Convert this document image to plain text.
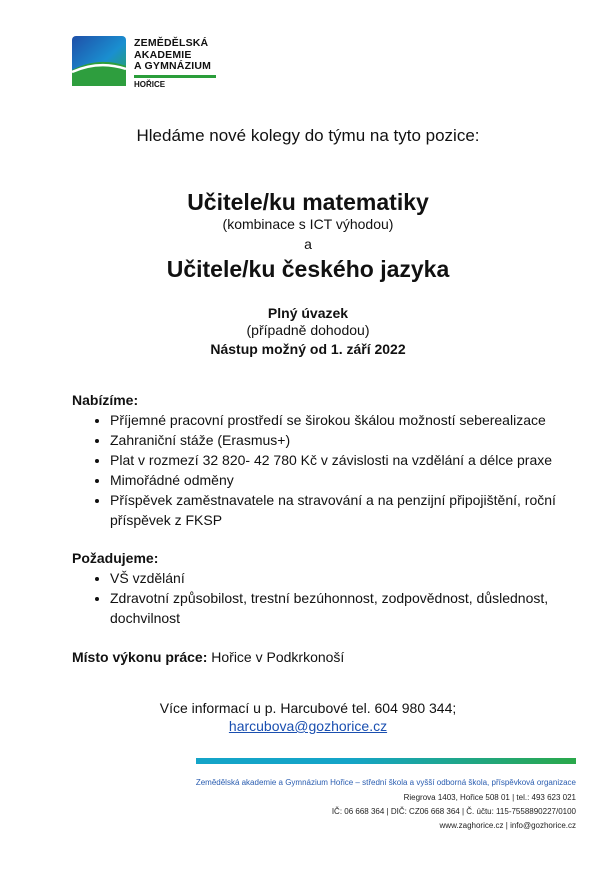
ZEMĚDĚLSKÁ
AKADEMIE
A GYMNÁZIUM
HOŘICE
Hledáme nové kolegy do týmu na tyto pozice:
Učitele/ku matematiky
(kombinace s ICT výhodou)
a
Učitele/ku českého jazyka
Plný úvazek
(případně dohodou)
Nástup možný od 1. září 2022
Nabízíme:
• Příjemné pracovní prostředí se širokou škálou možností seberealizace
• Zahraniční stáže (Erasmus+)
• Plat v rozmezí 32 820- 42 780 Kč v závislosti na vzdělání a délce praxe
• Mimořádné odměny
• Příspěvek zaměstnavatele na stravování a na penzijní připojištění, roční příspěvek z FKSP
Požadujeme:
• VŠ vzdělání
• Zdravotní způsobilost, trestní bezúhonnost, zodpovědnost, důslednost, dochvilnost
Místo výkonu práce: Hořice v Podkrkonoší
Více informací u p. Harcubové tel. 604 980 344;
harcubova@gozhorice.cz
Zemědělská akademie a Gymnázium Hořice – střední škola a vyšší odborná škola, příspěvková organizace
Riegrova 1403, Hořice 508 01 | tel.: 493 623 021
IČ: 06 668 364 | DIČ: CZ06 668 364 | Č. účtu: 115-7558890227/0100
www.zaghorice.cz | info@gozhorice.cz
